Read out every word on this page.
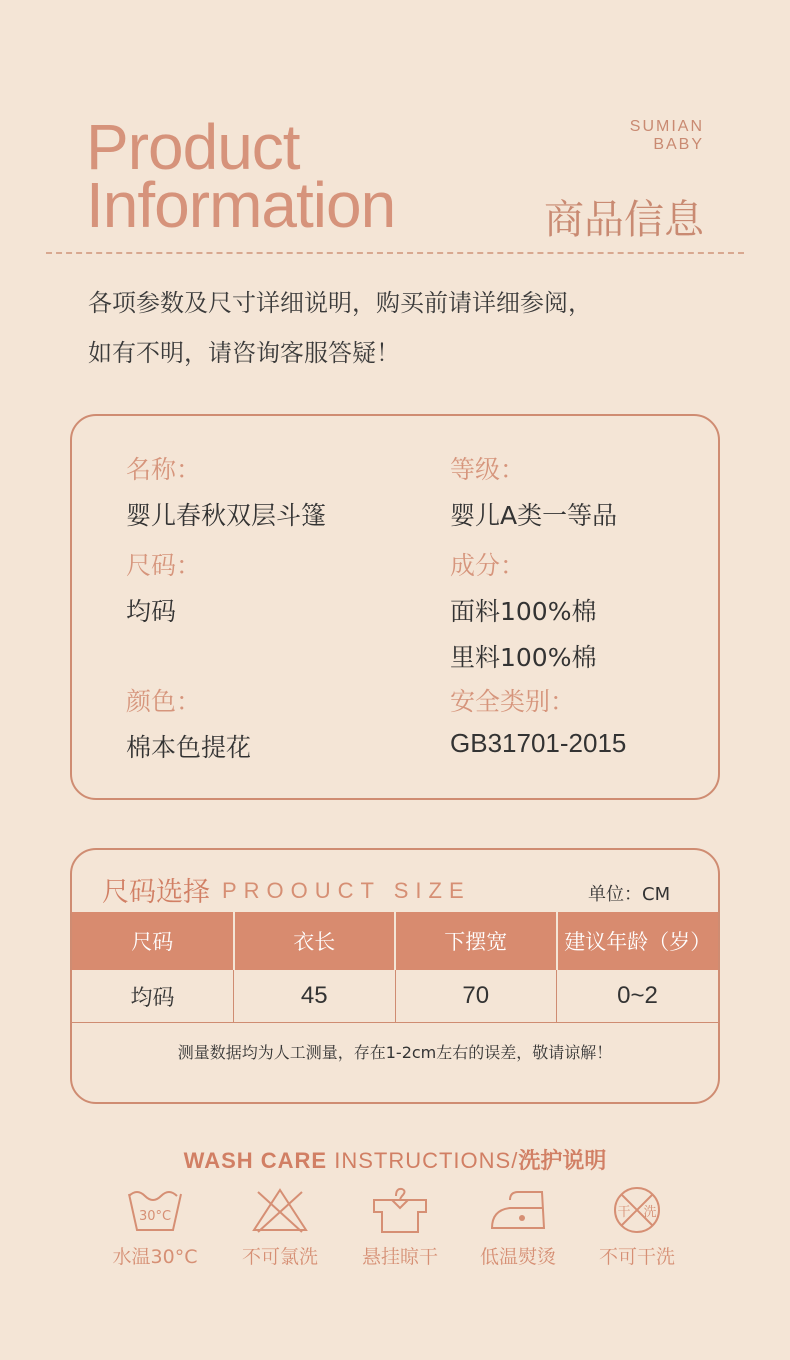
Product
Information
SUMIAN
BABY
商品信息
各项参数及尺寸详细说明，购买前请详细参阅，
如有不明，请咨询客服答疑！
名称：
婴儿春秋双层斗篷
等级：
婴儿A类一等品
尺码：
均码
成分：
面料100%棉
里料100%棉
颜色：
棉本色提花
安全类别：
GB31701-2015
尺码选择 PROOUCT SIZE	单位：CM
尺码	衣长	下摆宽	建议年龄（岁）
均码	45	70	0~2
测量数据均为人工测量，存在1-2cm左右的误差，敬请谅解！
WASH CARE INSTRUCTIONS/洗护说明
30°C
水温30°C	不可氯洗	悬挂晾干	低温熨烫
干 洗
不可干洗
